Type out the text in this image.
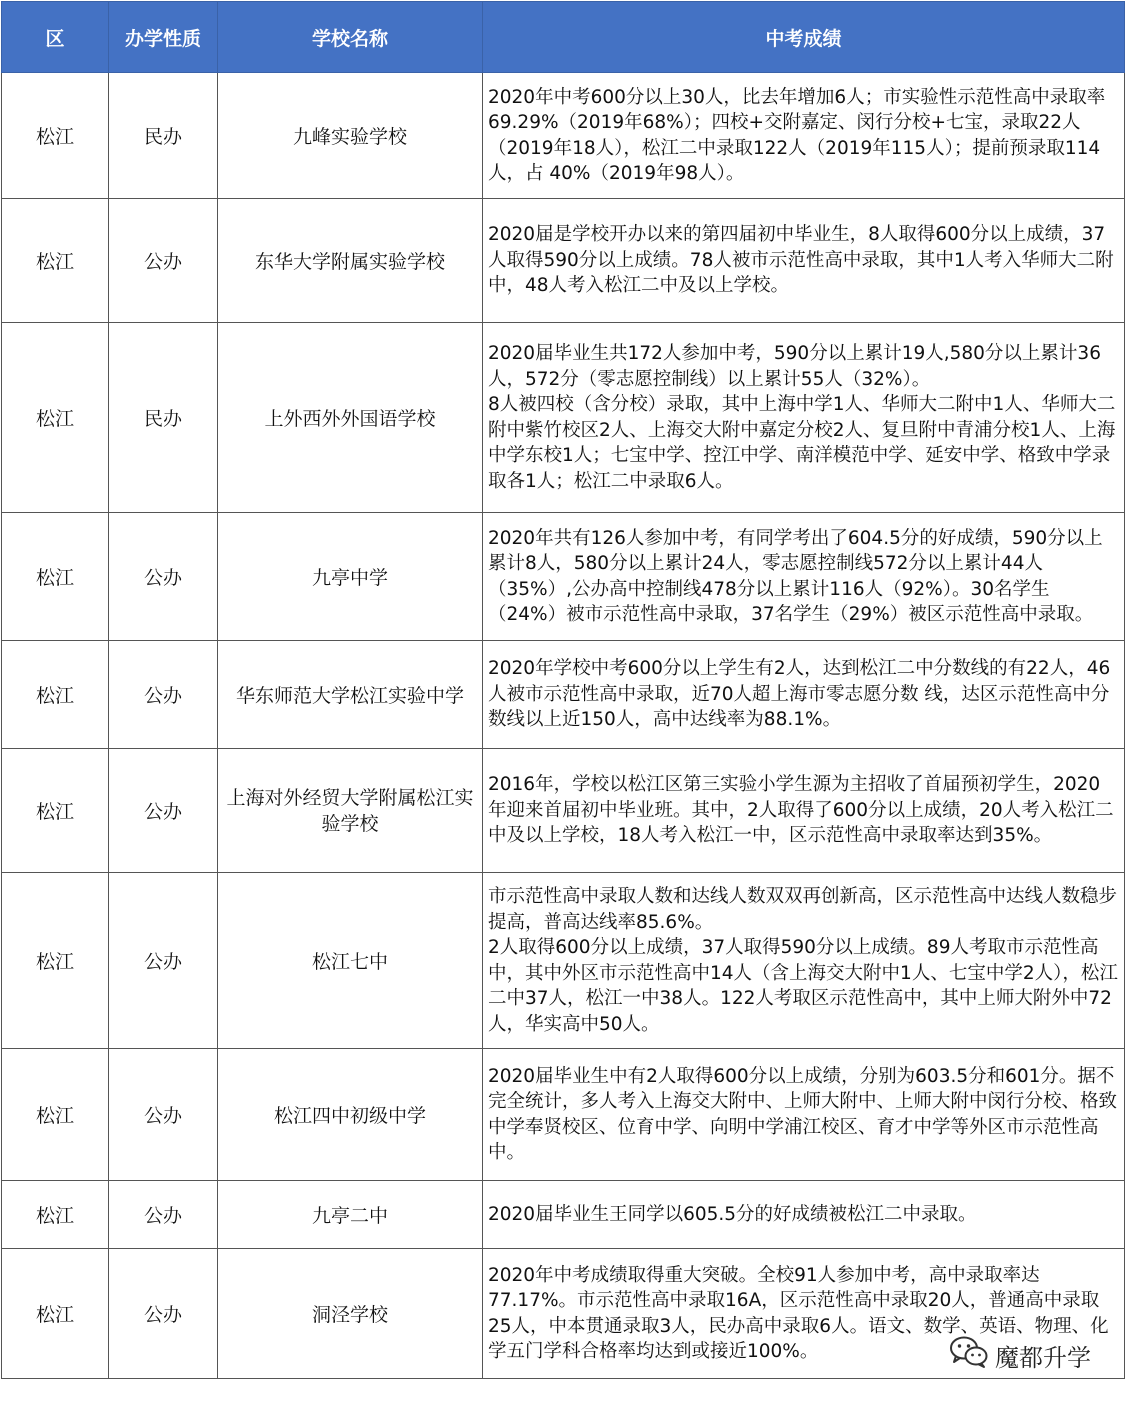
区	办学性质	学校名称	中考成绩
松江	民办	九峰实验学校	2020年中考600分以上30人，比去年增加6人；市实验性示范性高中录取率69.29%（2019年68%）；四校+交附嘉定、闵行分校+七宝，录取22人（2019年18人），松江二中录取122人（2019年115人）；提前预录取114人，占 40%（2019年98人）。
松江	公办	东华大学附属实验学校	2020届是学校开办以来的第四届初中毕业生，8人取得600分以上成绩，37人取得590分以上成绩。78人被市示范性高中录取，其中1人考入华师大二附中，48人考入松江二中及以上学校。
松江	民办	上外西外外国语学校	2020届毕业生共172人参加中考，590分以上累计19人,580分以上累计36人，572分（零志愿控制线）以上累计55人（32%）。
8人被四校（含分校）录取，其中上海中学1人、华师大二附中1人、华师大二附中紫竹校区2人、上海交大附中嘉定分校2人、复旦附中青浦分校1人、上海中学东校1人；七宝中学、控江中学、南洋模范中学、延安中学、格致中学录取各1人；松江二中录取6人。
松江	公办	九亭中学	2020年共有126人参加中考，有同学考出了604.5分的好成绩，590分以上累计8人，580分以上累计24人，零志愿控制线572分以上累计44人（35%）,公办高中控制线478分以上累计116人（92%）。30名学生（24%）被市示范性高中录取，37名学生（29%）被区示范性高中录取。
松江	公办	华东师范大学松江实验中学	2020年学校中考600分以上学生有2人，达到松江二中分数线的有22人，46人被市示范性高中录取，近70人超上海市零志愿分数 线，达区示范性高中分数线以上近150人，高中达线率为88.1%。
松江	公办	上海对外经贸大学附属松江实验学校	2016年，学校以松江区第三实验小学生源为主招收了首届预初学生，2020年迎来首届初中毕业班。其中，2人取得了600分以上成绩，20人考入松江二中及以上学校，18人考入松江一中，区示范性高中录取率达到35%。
松江	公办	松江七中	市示范性高中录取人数和达线人数双双再创新高，区示范性高中达线人数稳步提高，普高达线率85.6%。
2人取得600分以上成绩，37人取得590分以上成绩。89人考取市示范性高中，其中外区市示范性高中14人（含上海交大附中1人、七宝中学2人），松江二中37人，松江一中38人。122人考取区示范性高中，其中上师大附外中72人，华实高中50人。
松江	公办	松江四中初级中学	2020届毕业生中有2人取得600分以上成绩，分别为603.5分和601分。据不完全统计，多人考入上海交大附中、上师大附中、上师大附中闵行分校、格致中学奉贤校区、位育中学、向明中学浦江校区、育才中学等外区市示范性高中。
松江	公办	九亭二中	2020届毕业生王同学以605.5分的好成绩被松江二中录取。
松江	公办	洞泾学校	2020年中考成绩取得重大突破。全校91人参加中考，高中录取率达77.17%。市示范性高中录取16A，区示范性高中录取20人，普通高中录取25人，中本贯通录取3人，民办高中录取6人。语文、数学、英语、物理、化学五门学科合格率均达到或接近100%。	魔都升学
